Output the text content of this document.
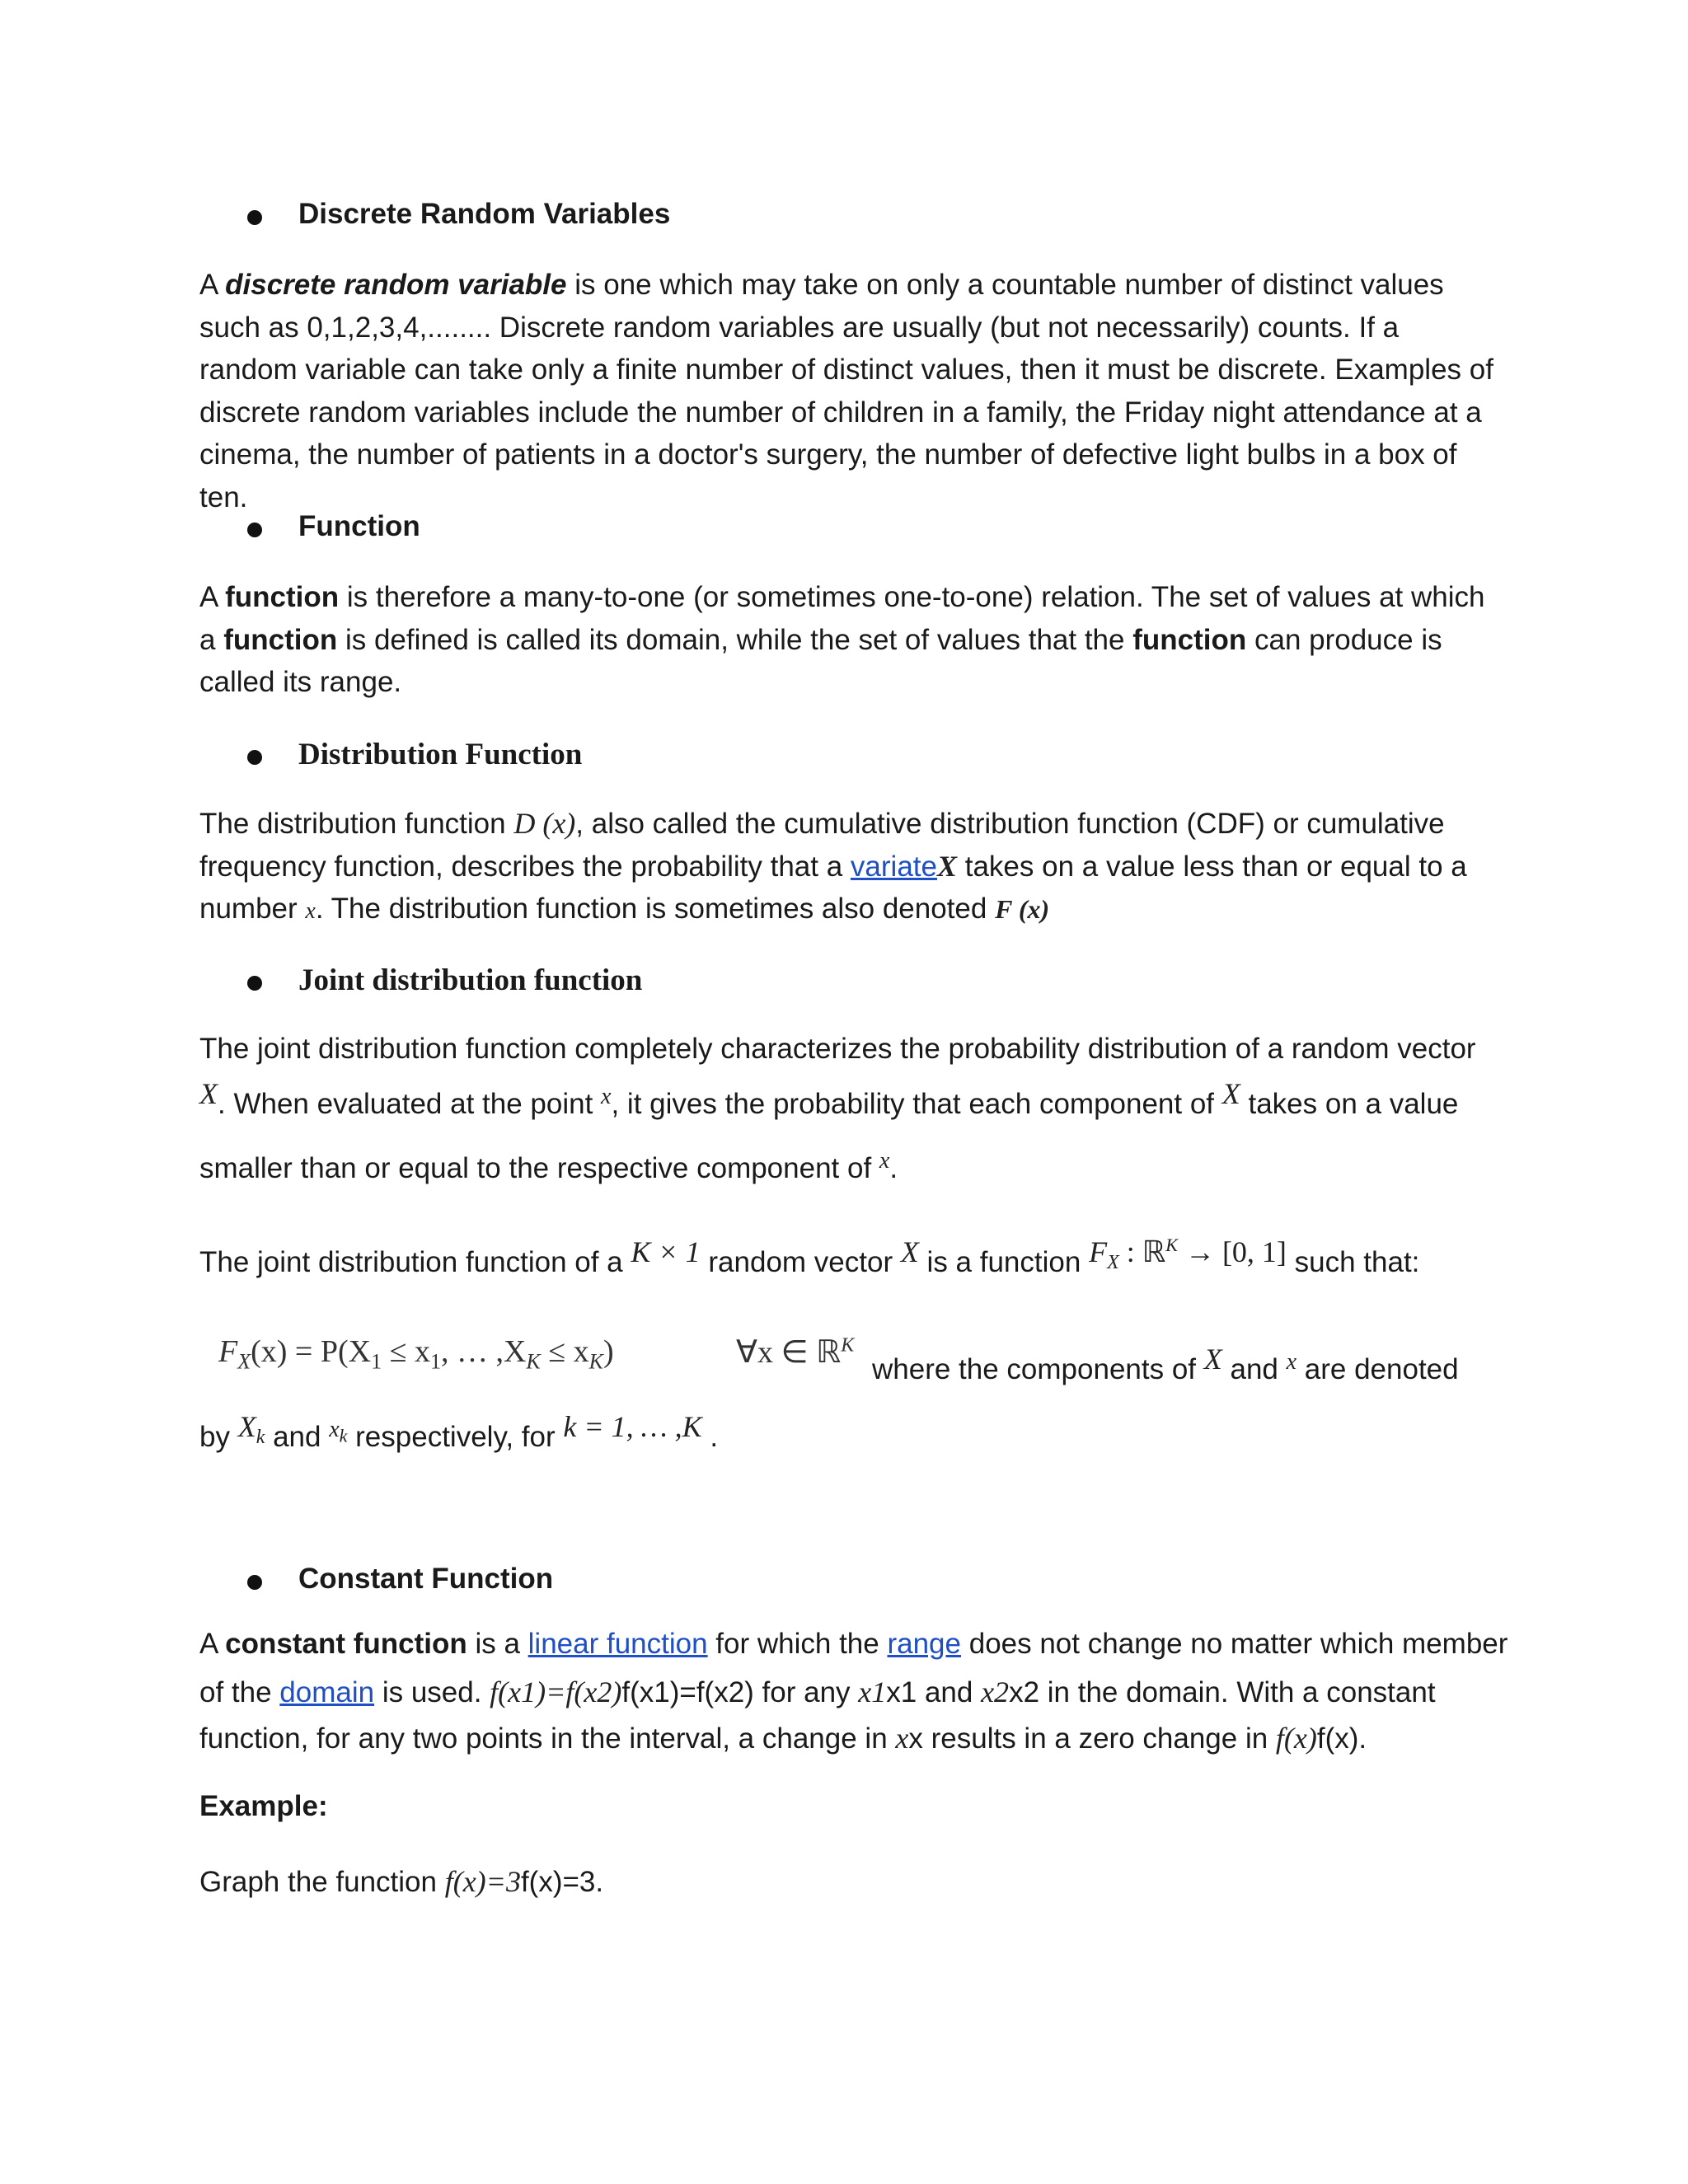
Discrete Random Variables
A discrete random variable is one which may take on only a countable number of distinct values such as 0,1,2,3,4,........ Discrete random variables are usually (but not necessarily) counts. If a random variable can take only a finite number of distinct values, then it must be discrete. Examples of discrete random variables include the number of children in a family, the Friday night attendance at a cinema, the number of patients in a doctor's surgery, the number of defective light bulbs in a box of ten.
Function
A function is therefore a many-to-one (or sometimes one-to-one) relation. The set of values at which a function is defined is called its domain, while the set of values that the function can produce is called its range.
Distribution Function
The distribution function D (x), also called the cumulative distribution function (CDF) or cumulative
frequency function, describes the probability that a variateX takes on a value less than or equal to a
number x. The distribution function is sometimes also denoted F (x)
Joint distribution function
The joint distribution function completely characterizes the probability distribution of a random vector
X. When evaluated at the point $^x$, it gives the probability that each component of X takes on a value
smaller than or equal to the respective component of $^x$.
The joint distribution function of a K × 1 random vector X is a function $F_X$ : ℝ$^K$ → [0, 1] such that:
$F_X(x) = P(X_1 \le x_1$, … $,X_K \le x_K$)	∀x ∈ ℝ$^K$
where the components of X and $^x$ are denoted
by $X_k$ and $^{x_k}$ respectively, for k = 1, … ,K .
Constant Function
A constant function is a linear function for which the range does not change no matter which member
of the domain is used. f(x1)=f(x2)f(x1)=f(x2) for any x1x1 and x2x2 in the domain. With a constant
function, for any two points in the interval, a change in xx results in a zero change in f(x)f(x).
Example:
Graph the function f(x)=3f(x)=3.
